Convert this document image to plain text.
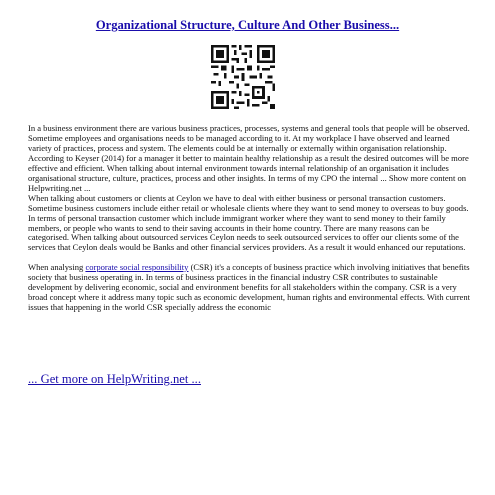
Organizational Structure, Culture And Other Business...

In a business environment there are various business practices, processes, systems and general tools that people will be observed. Sometime employees and organisations needs to be managed according to it. At my workplace I have observed and learned variety of practices, process and system. The elements could be at internally or externally within organisation relationship. According to Keyser (2014) for a manager it better to maintain healthy relationship as a result the desired outcomes will be more effective and efficient. When talking about internal environment towards internal relationship of an organisation it includes organisational structure, culture, practices, process and other insights. In terms of my CPO the internal ... Show more content on Helpwriting.net ...

When talking about customers or clients at Ceylon we have to deal with either business or personal transaction customers. Sometime business customers include either retail or wholesale clients where they want to send money to overseas to buy goods. In terms of personal transaction customer which include immigrant worker where they want to send money to their family members, or people who wants to send to their saving accounts in their home country. There are many reasons can be categorised. When talking about outsourced services Ceylon needs to seek outsourced services to offer our clients some of the services that Ceylon deals would be Banks and other financial services providers. As a result it would enhanced our reputations.

When analysing corporate social responsibility (CSR) it's a concepts of business practice which involving initiatives that benefits society that business operating in. In terms of business practices in the financial industry CSR contributes to sustainable development by delivering economic, social and environment benefits for all stakeholders within the company. CSR is a very broad concept where it address many topic such as economic development, human rights and environmental effects. With current issues that happening in the world CSR specially address the economic

... Get more on HelpWriting.net ...
